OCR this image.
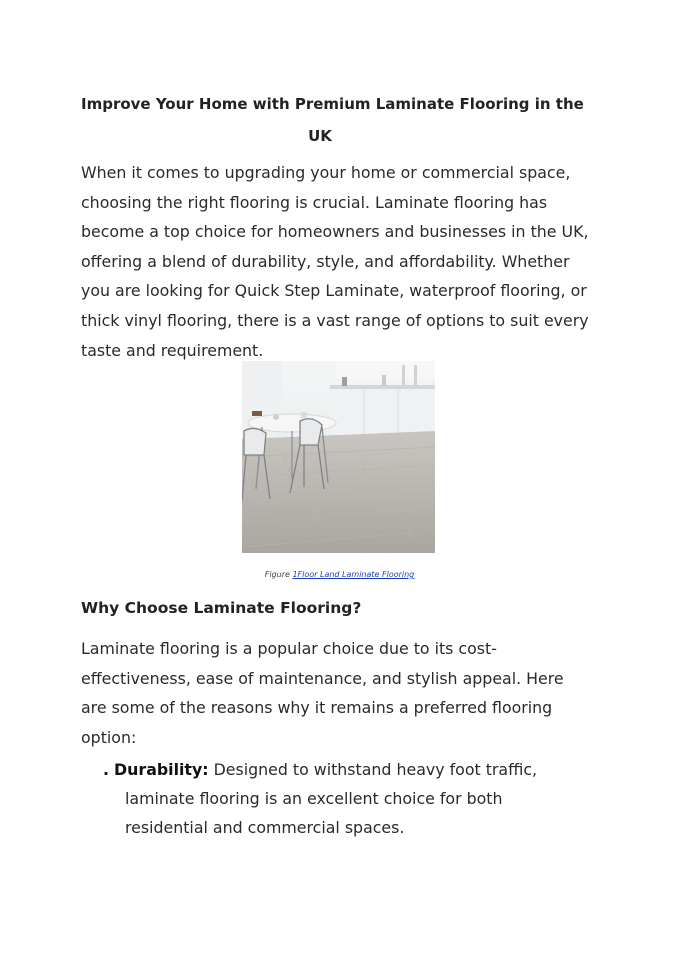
Improve Your Home with Premium Laminate Flooring in the
UK

When it comes to upgrading your home or commercial space,
choosing the right flooring is crucial. Laminate flooring has
become a top choice for homeowners and businesses in the UK,
offering a blend of durability, style, and affordability. Whether
you are looking for Quick Step Laminate, waterproof flooring, or
thick vinyl flooring, there is a vast range of options to suit every
taste and requirement.

Figure 1Floor Land Laminate Flooring
Why Choose Laminate Flooring?

Laminate flooring is a popular choice due to its cost-
effectiveness, ease of maintenance, and stylish appeal. Here
are some of the reasons why it remains a preferred flooring
option:

. Durability: Designed to withstand heavy foot traffic,
laminate flooring is an excellent choice for both
residential and commercial spaces.
